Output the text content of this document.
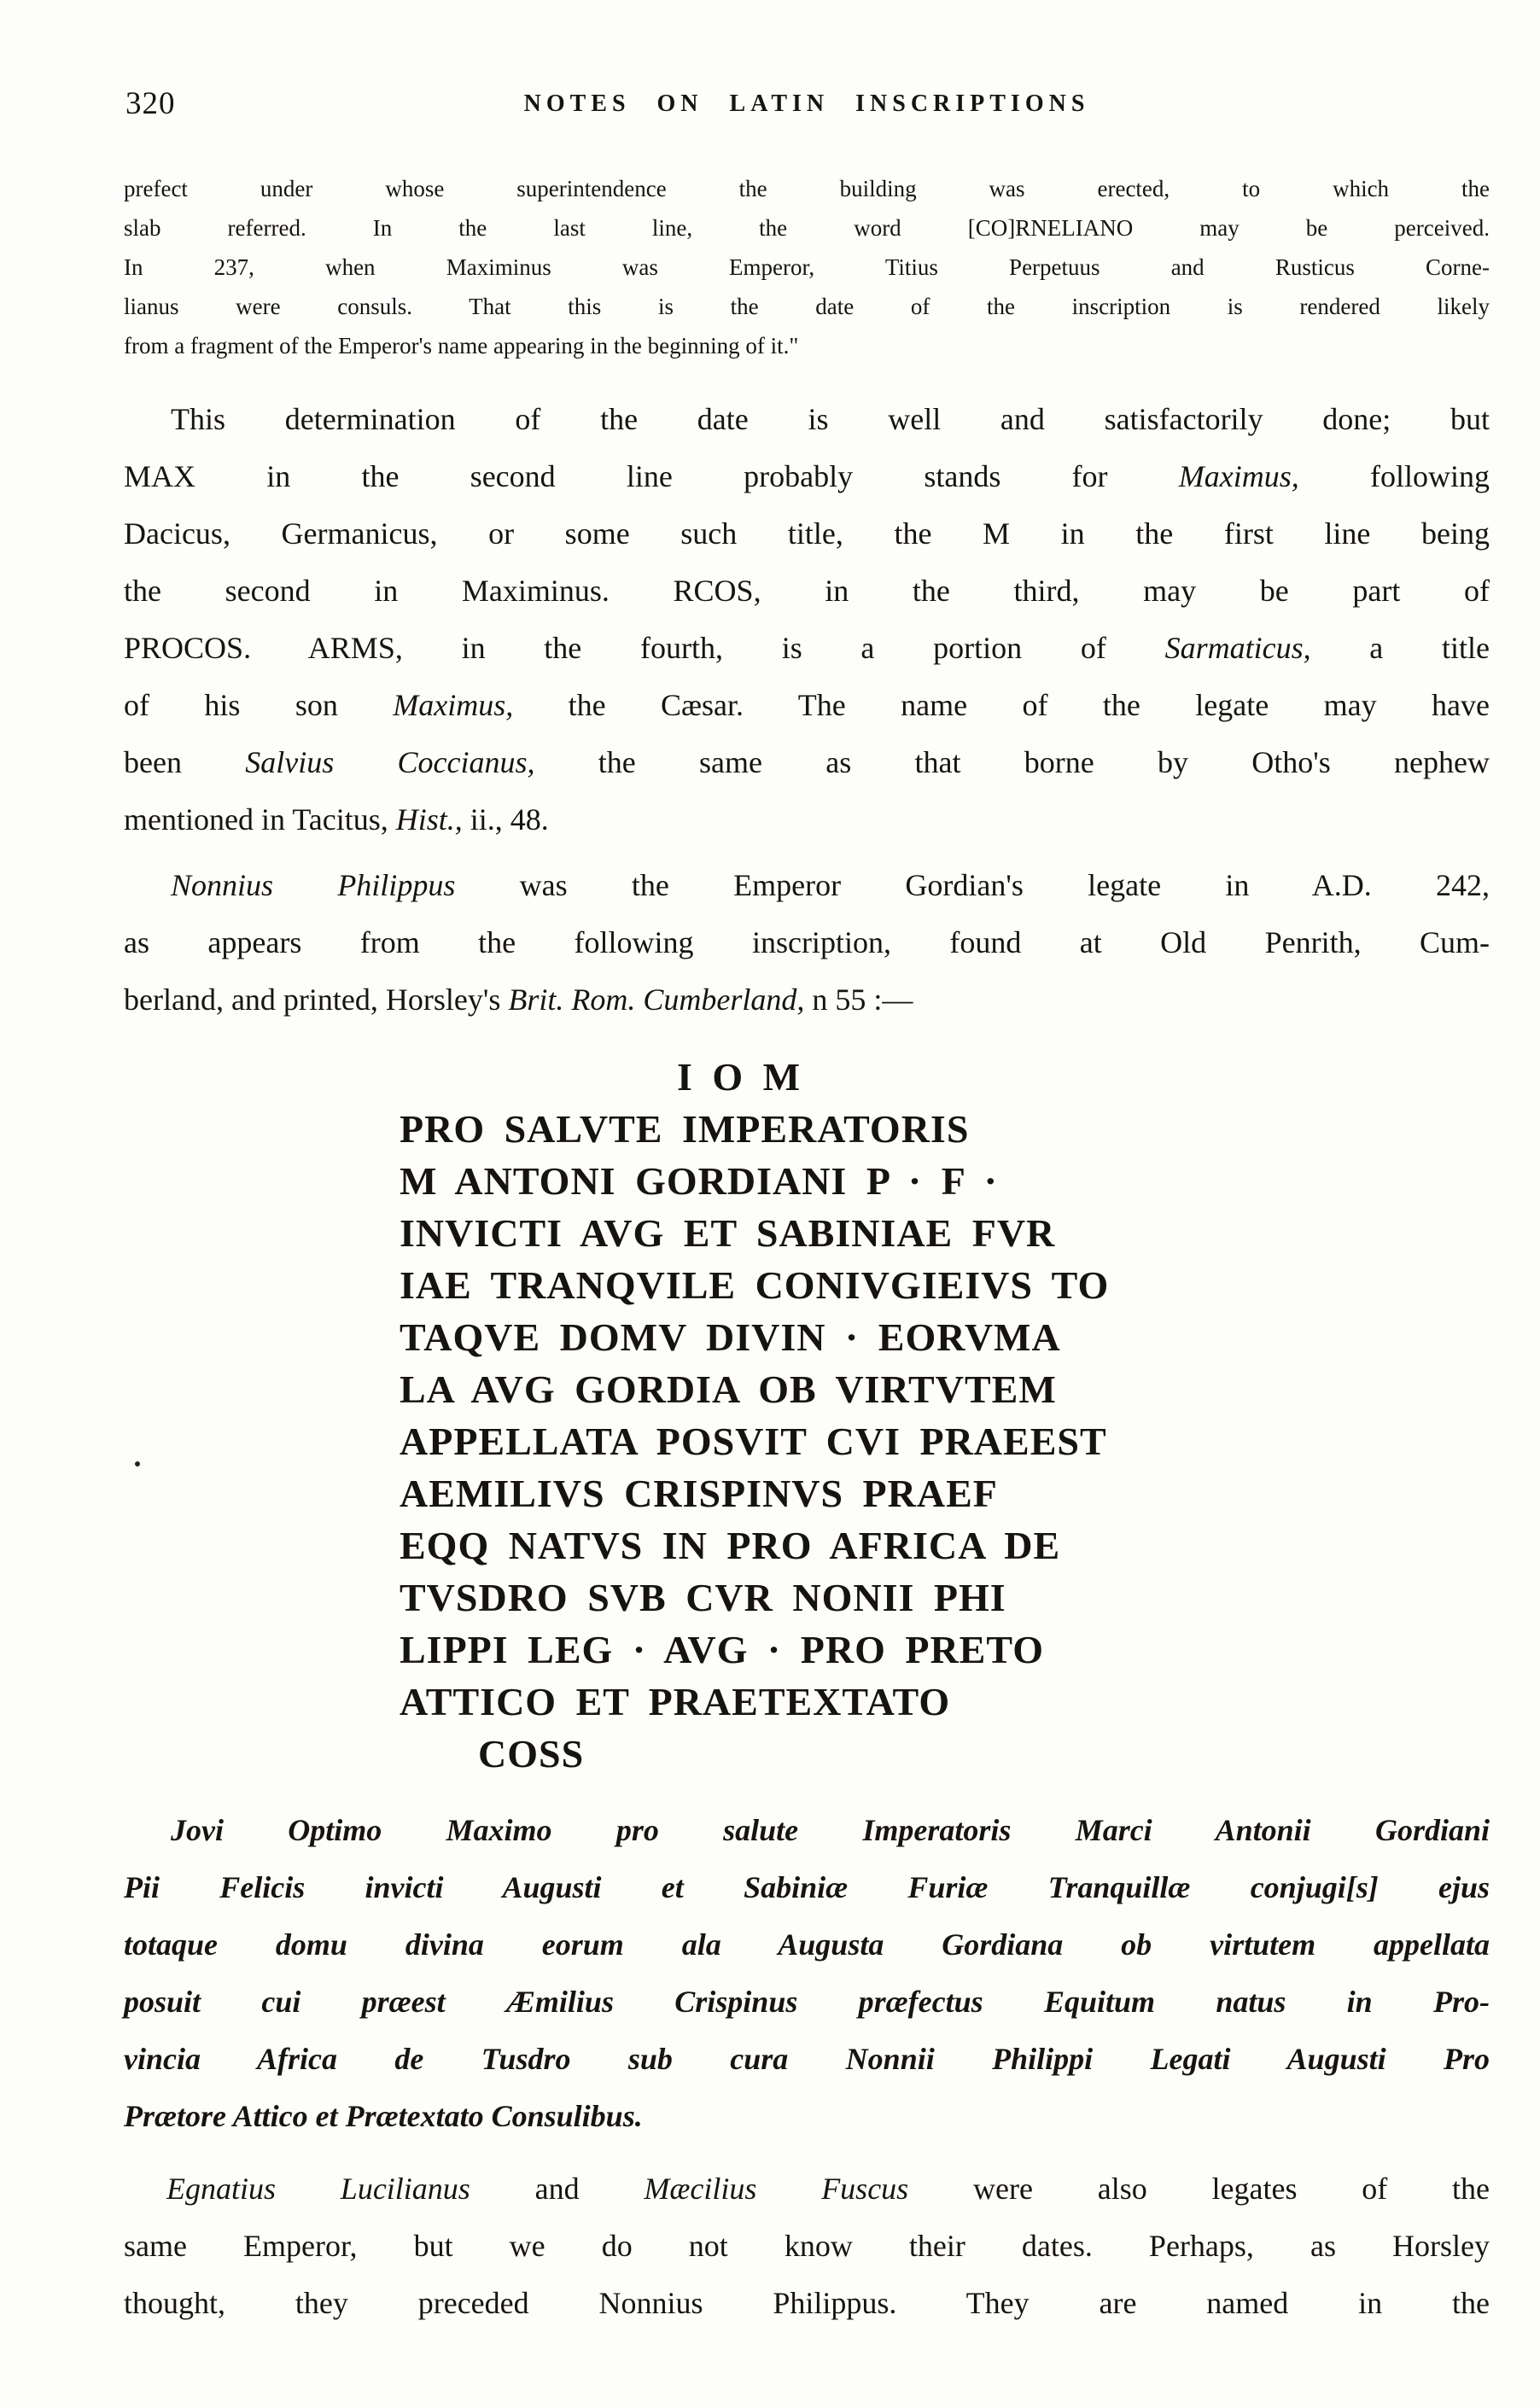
320	NOTES ON LATIN INSCRIPTIONS
prefect under whose superintendence the building was erected, to which the
slab referred. In the last line, the word [CO]RNELIANO may be perceived.
In 237, when Maximinus was Emperor, Titius Perpetuus and Rusticus Corne-
lianus were consuls. That this is the date of the inscription is rendered likely
from a fragment of the Emperor's name appearing in the beginning of it."
This determination of the date is well and satisfactorily done; but
MAX in the second line probably stands for Maximus, following
Dacicus, Germanicus, or some such title, the M in the first line being
the second in Maximinus. RCOS, in the third, may be part of
PROCOS. ARMS, in the fourth, is a portion of Sarmaticus, a title
of his son Maximus, the Cæsar. The name of the legate may have
been Salvius Coccianus, the same as that borne by Otho's nephew
mentioned in Tacitus, Hist., ii., 48.
Nonnius Philippus was the Emperor Gordian's legate in A.D. 242,
as appears from the following inscription, found at Old Penrith, Cum-
berland, and printed, Horsley's Brit. Rom. Cumberland, n 55 :—
I O M
PRO SALVTE IMPERATORIS
M ANTONI GORDIANI P · F ·
INVICTI AVG ET SABINIAE FVR
IAE TRANQVILE CONIVGIEIVS TO
TAQVE DOMV DIVIN · EORVMA
LA AVG GORDIA OB VIRTVTEM
APPELLATA POSVIT CVI PRAEEST
AEMILIVS CRISPINVS PRAEF
EQQ NATVS IN PRO AFRICA DE
TVSDRO SVB CVR NONII PHI
LIPPI LEG · AVG · PRO PRETO
ATTICO ET PRAETEXTATO
COSS
Jovi Optimo Maximo pro salute Imperatoris Marci Antonii Gordiani
Pii Felicis invicti Augusti et Sabiniæ Furiæ Tranquillæ conjugi[s] ejus
totaque domu divina eorum ala Augusta Gordiana ob virtutem appellata
posuit cui præest Æmilius Crispinus præfectus Equitum natus in Pro-
vincia Africa de Tusdro sub cura Nonnii Philippi Legati Augusti Pro
Prætore Attico et Prætextato Consulibus.
Egnatius Lucilianus and Mæcilius Fuscus were also legates of the
same Emperor, but we do not know their dates. Perhaps, as Horsley
thought, they preceded Nonnius Philippus. They are named in the
